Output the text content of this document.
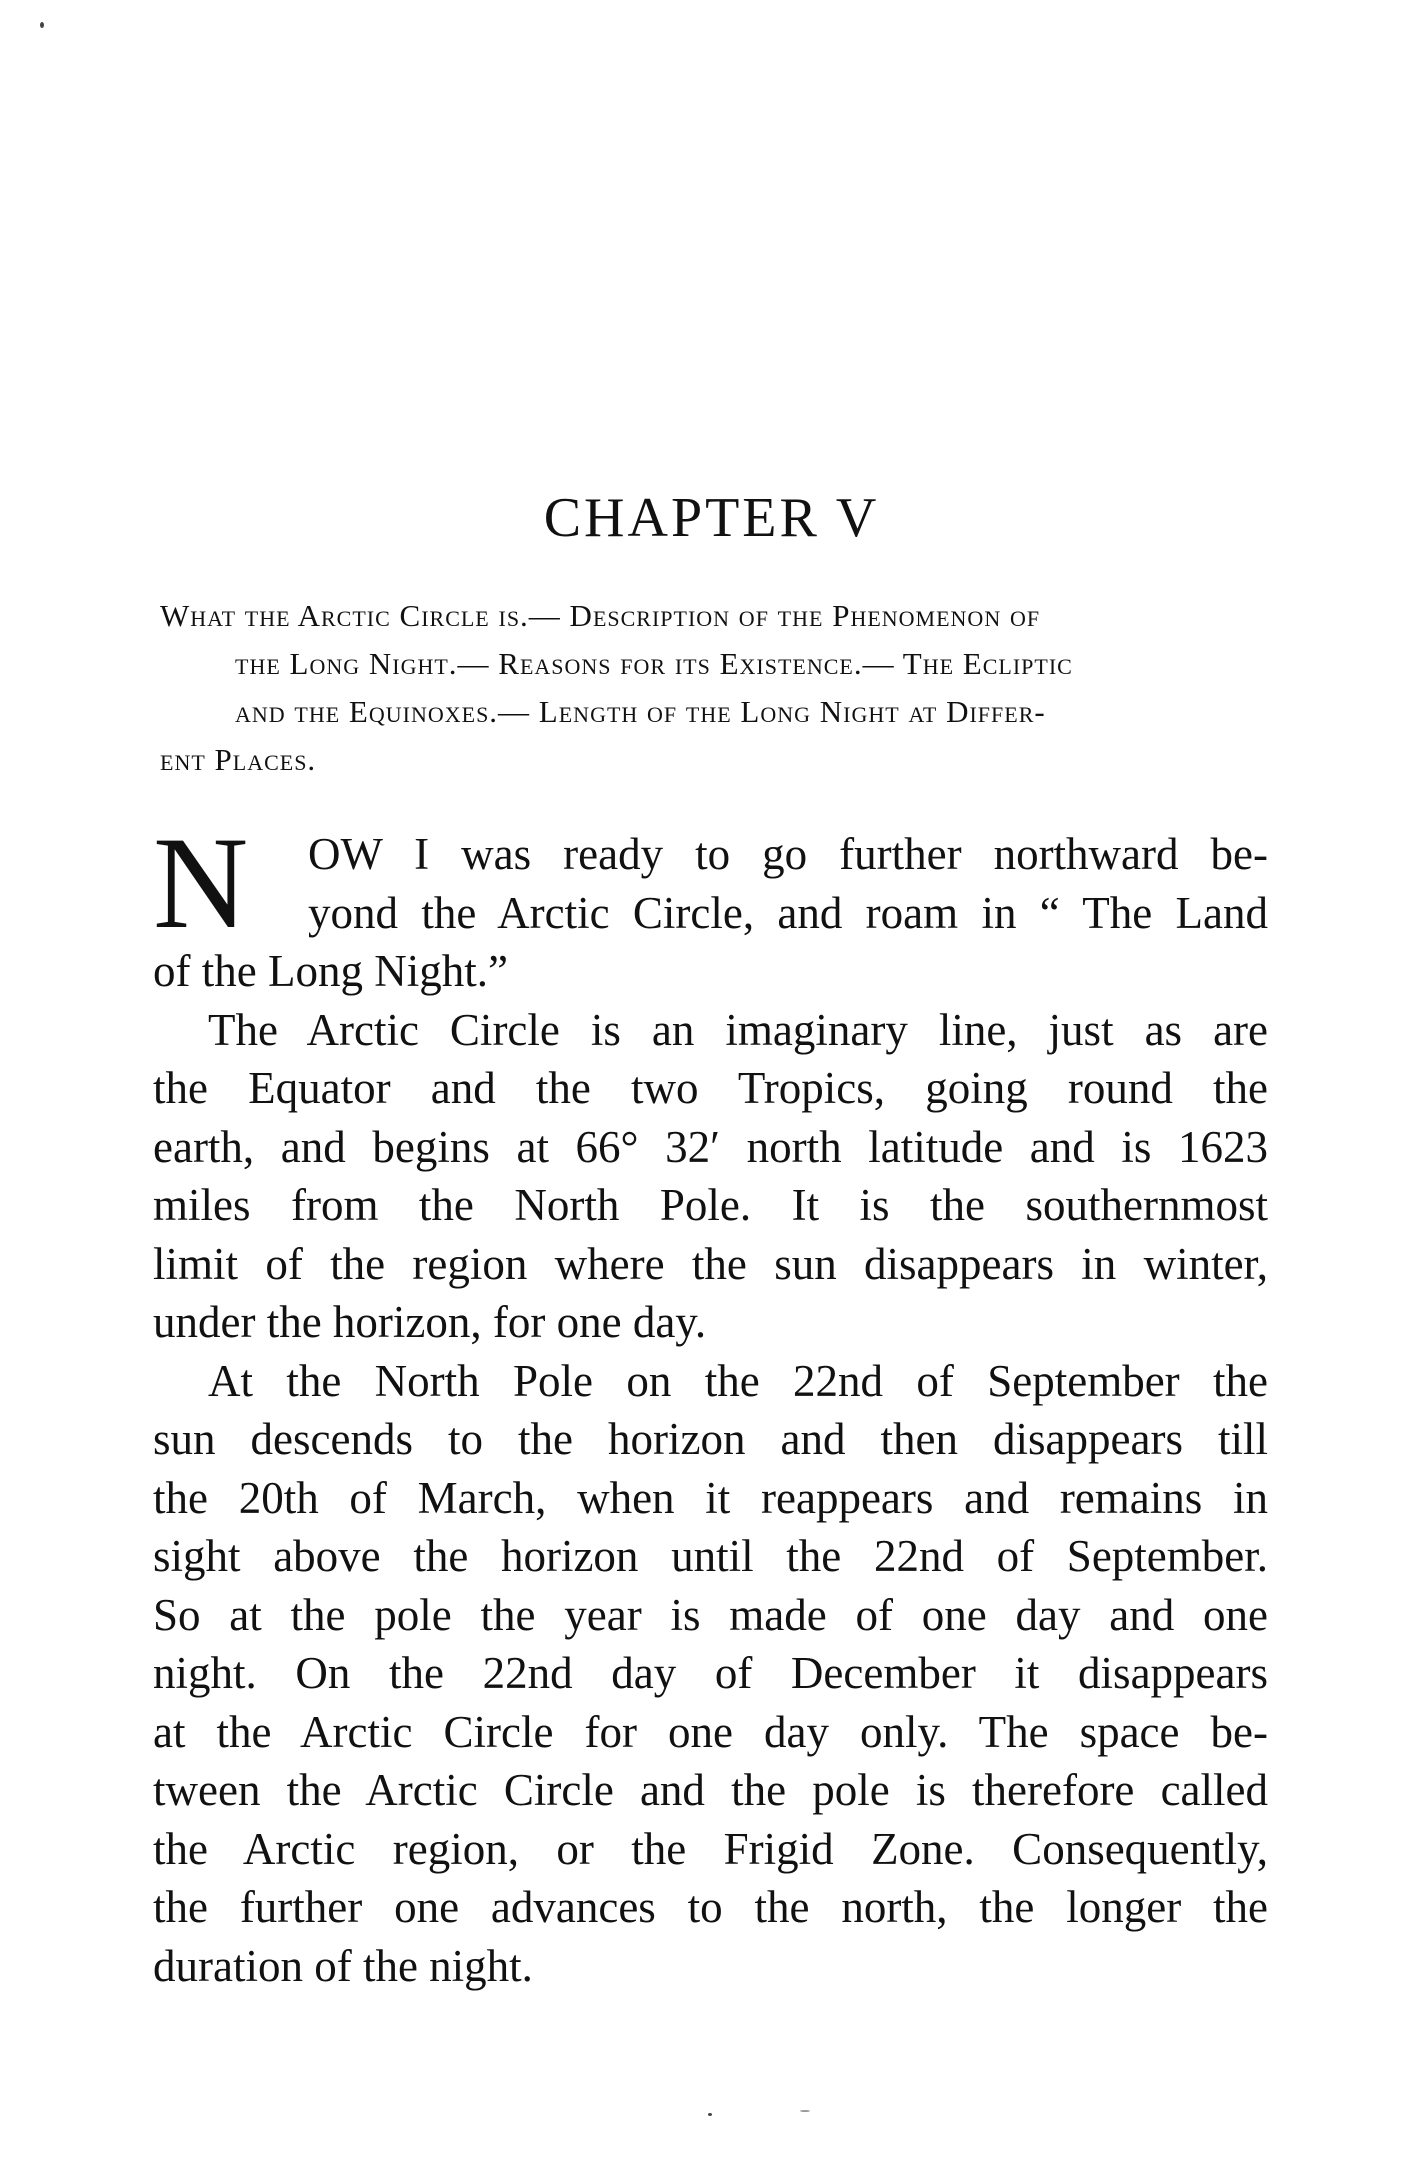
CHAPTER V
What the Arctic Circle is.— Description of the Phenomenon of
the Long Night.— Reasons for its Existence.— The Ecliptic
and the Equinoxes.— Length of the Long Night at Differ-
ent Places.
N OW I was ready to go further northward be-
yond the Arctic Circle, and roam in “ The Land
of the Long Night.”
The Arctic Circle is an imaginary line, just as are
the Equator and the two Tropics, going round the
earth, and begins at 66° 32′ north latitude and is 1623
miles from the North Pole. It is the southernmost
limit of the region where the sun disappears in winter,
under the horizon, for one day.
At the North Pole on the 22nd of September the
sun descends to the horizon and then disappears till
the 20th of March, when it reappears and remains in
sight above the horizon until the 22nd of September.
So at the pole the year is made of one day and one
night. On the 22nd day of December it disappears
at the Arctic Circle for one day only. The space be-
tween the Arctic Circle and the pole is therefore called
the Arctic region, or the Frigid Zone. Consequently,
the further one advances to the north, the longer the
duration of the night.
